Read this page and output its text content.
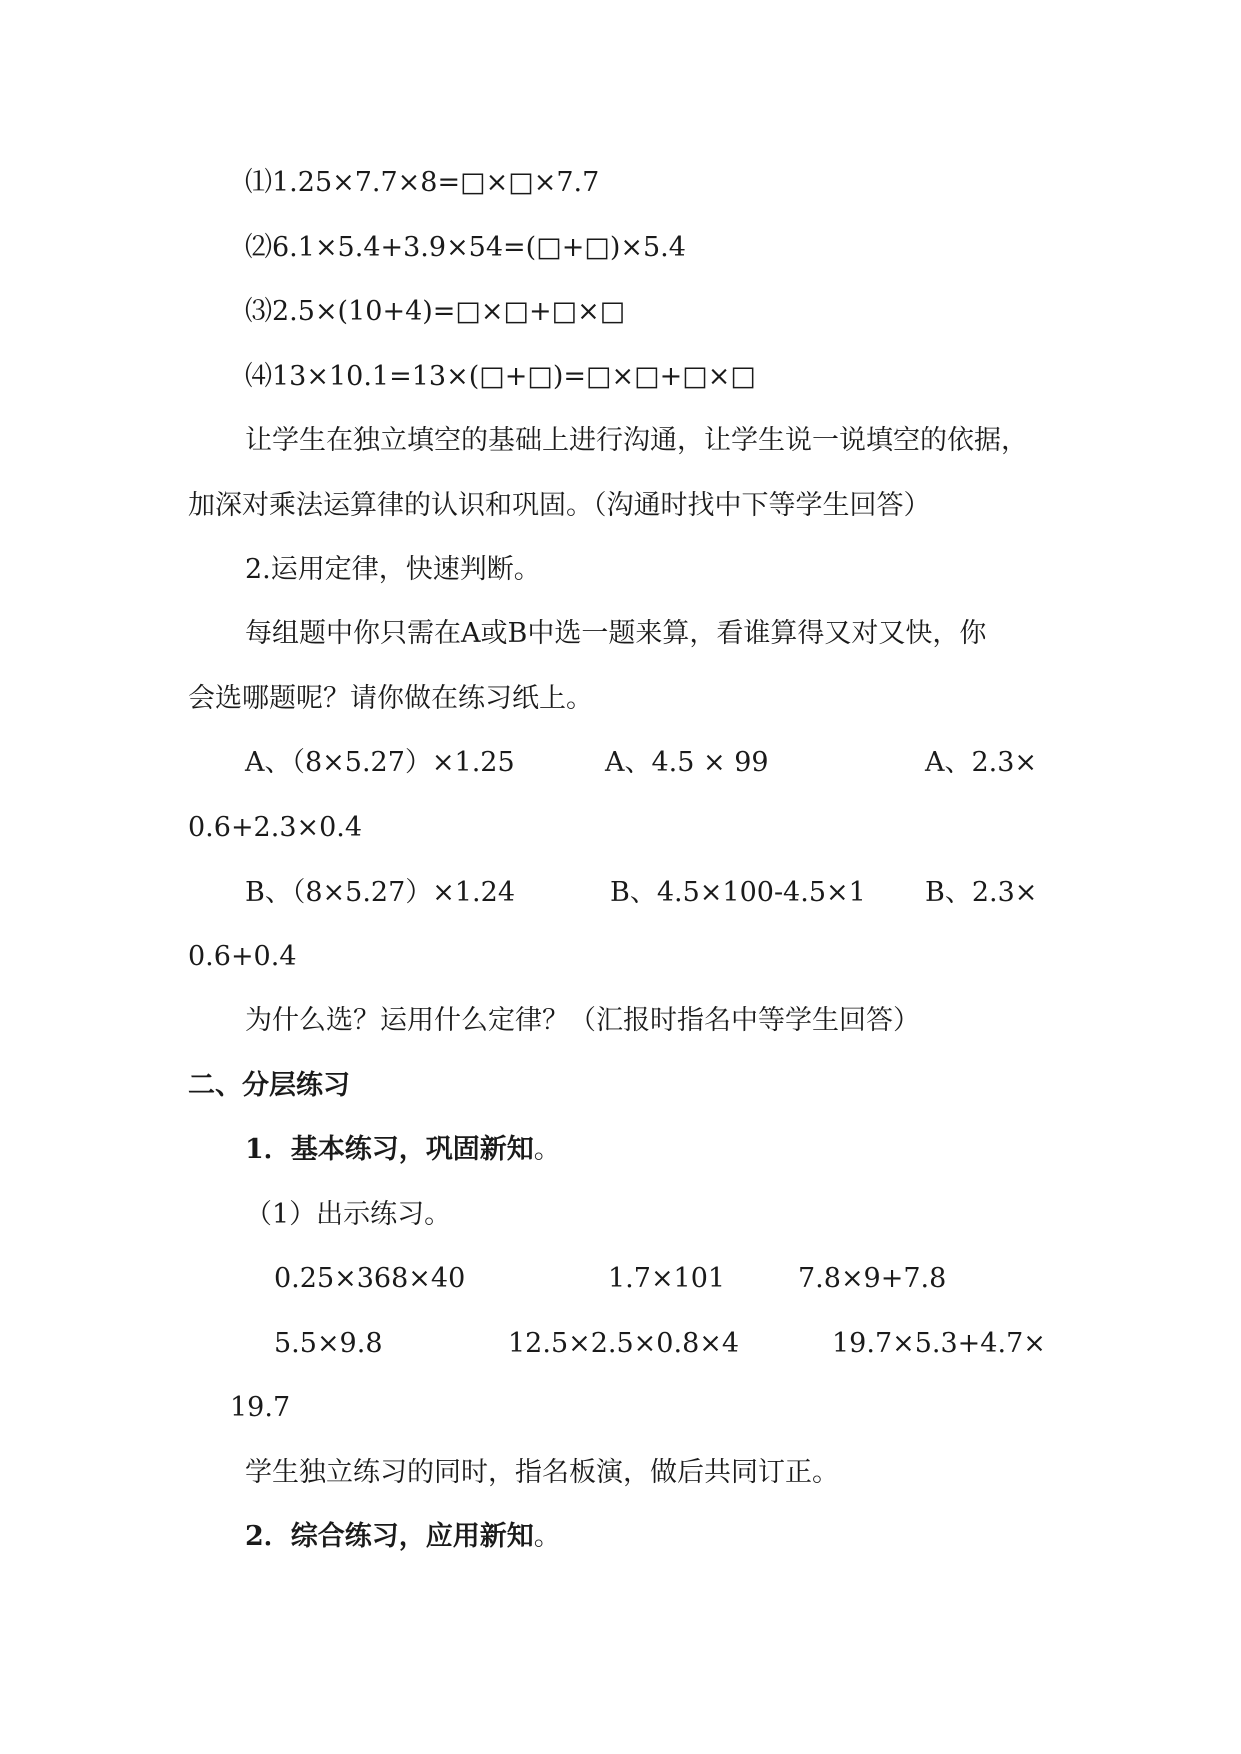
⑴1.25×7.7×8=□×□×7.7
⑵6.1×5.4+3.9×54=(□+□)×5.4
⑶2.5×(10+4)=□×□+□×□
⑷13×10.1=13×(□+□)=□×□+□×□
让学生在独立填空的基础上进行沟通，让学生说一说填空的依据，
加深对乘法运算律的认识和巩固。（沟通时找中下等学生回答）
2.运用定律，快速判断。
每组题中你只需在A或B中选一题来算，看谁算得又对又快，你
会选哪题呢？请你做在练习纸上。
A、（8×5.27）×1.25	A、4.5 × 99	A、2.3×
0.6+2.3×0.4
B、（8×5.27）×1.24	B、4.5×100-4.5×1 B、2.3×
0.6+0.4
为什么选？运用什么定律？（汇报时指名中等学生回答）
二、分层练习
1．基本练习，巩固新知。
（1）出示练习。
0.25×368×40	1.7×101	7.8×9+7.8
5.5×9.8	12.5×2.5×0.8×4	19.7×5.3+4.7×
19.7
学生独立练习的同时，指名板演，做后共同订正。
2．综合练习，应用新知。
